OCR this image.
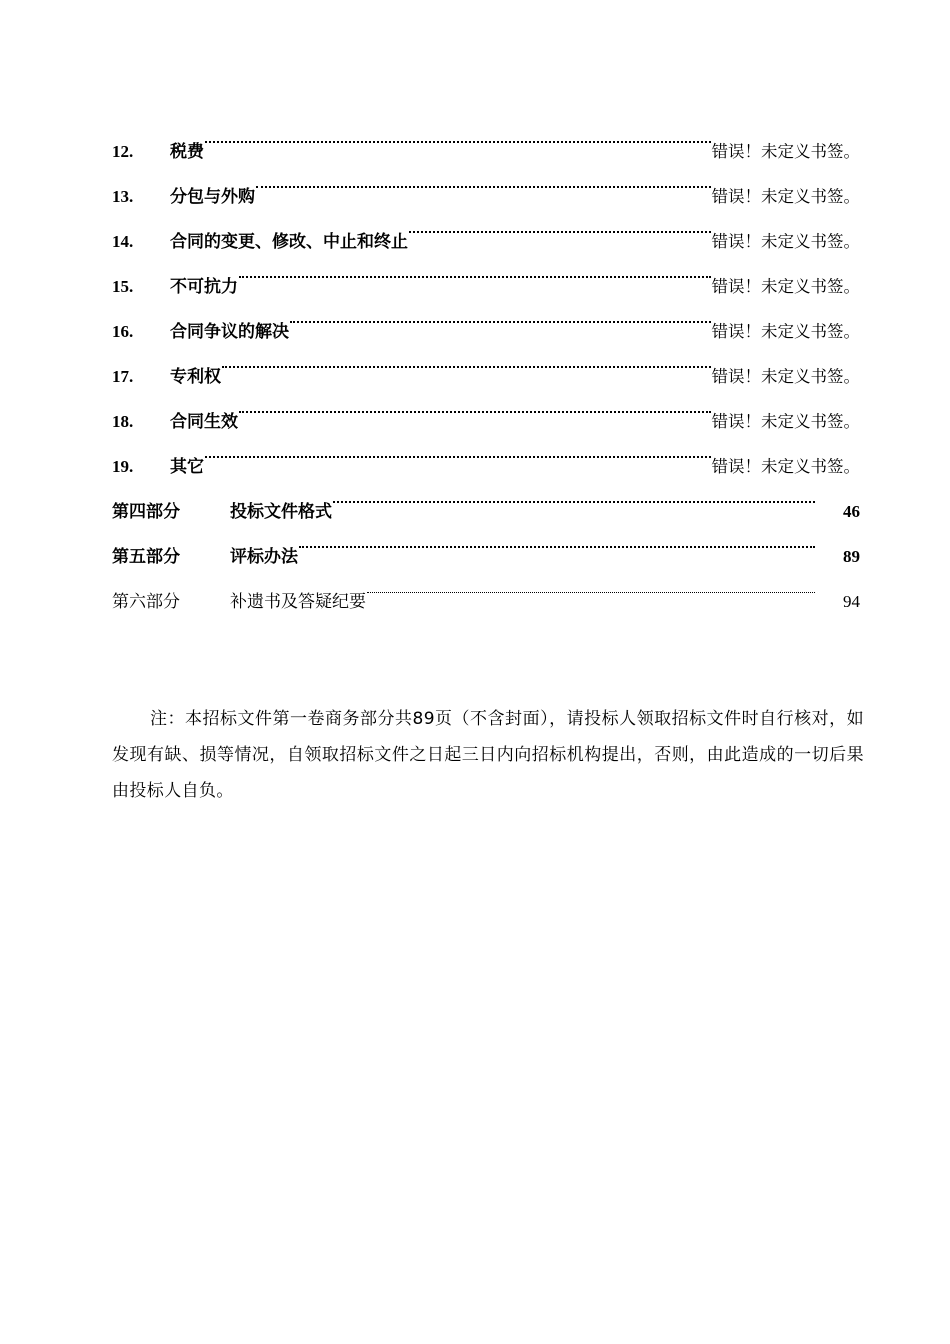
12.	税费	错误！未定义书签。
13.	分包与外购	错误！未定义书签。
14.	合同的变更、修改、中止和终止	错误！未定义书签。
15.	不可抗力	错误！未定义书签。
16.	合同争议的解决	错误！未定义书签。
17.	专利权	错误！未定义书签。
18.	合同生效	错误！未定义书签。
19.	其它	错误！未定义书签。
第四部分	投标文件格式	46
第五部分	评标办法	89
第六部分	补遗书及答疑纪要	94

注：本招标文件第一卷商务部分共89页（不含封面），请投标人领取招标文件时自行核对，如发现有缺、损等情况，自领取招标文件之日起三日内向招标机构提出，否则，由此造成的一切后果由投标人自负。
